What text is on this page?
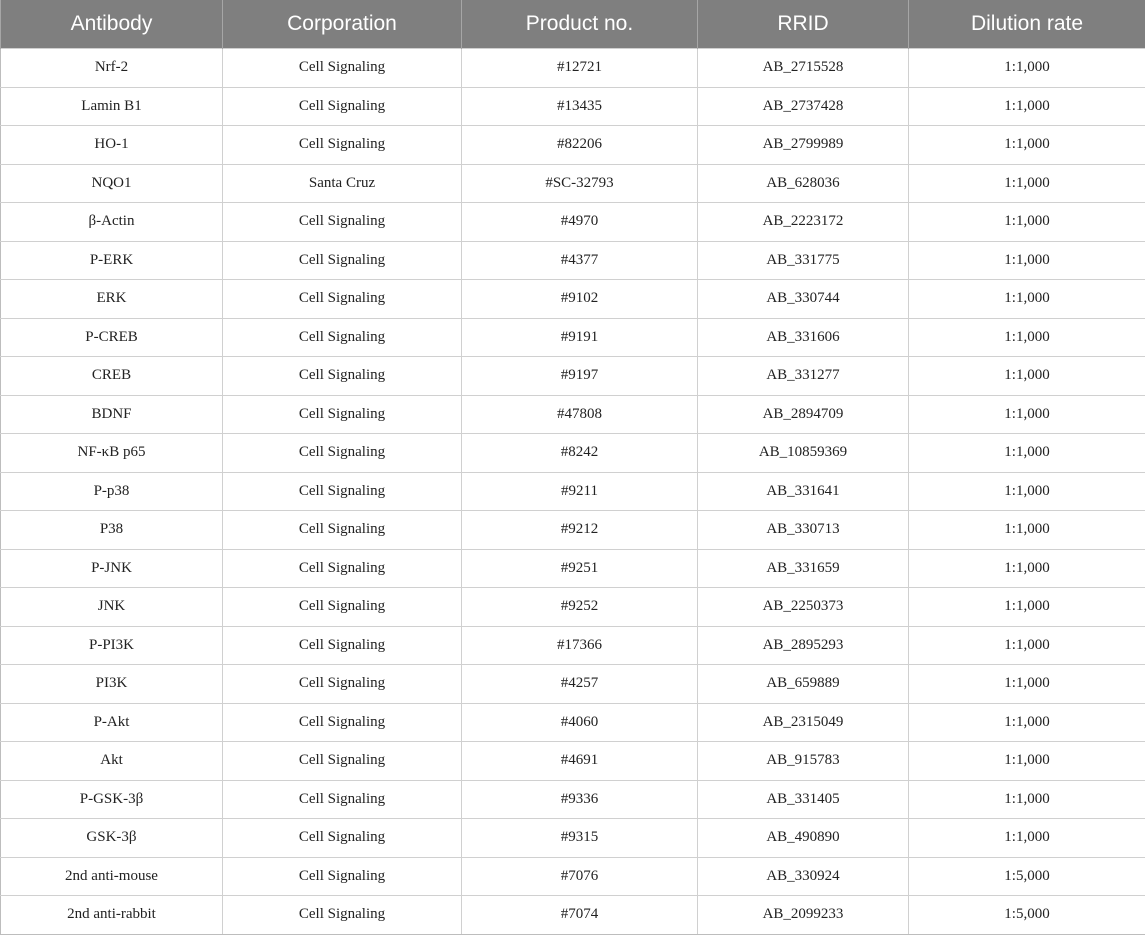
Antibody	Corporation	Product no.	RRID	Dilution rate
Nrf-2	Cell Signaling	#12721	AB_2715528	1:1,000
Lamin B1	Cell Signaling	#13435	AB_2737428	1:1,000
HO-1	Cell Signaling	#82206	AB_2799989	1:1,000
NQO1	Santa Cruz	#SC-32793	AB_628036	1:1,000
β-Actin	Cell Signaling	#4970	AB_2223172	1:1,000
P-ERK	Cell Signaling	#4377	AB_331775	1:1,000
ERK	Cell Signaling	#9102	AB_330744	1:1,000
P-CREB	Cell Signaling	#9191	AB_331606	1:1,000
CREB	Cell Signaling	#9197	AB_331277	1:1,000
BDNF	Cell Signaling	#47808	AB_2894709	1:1,000
NF-κB p65	Cell Signaling	#8242	AB_10859369	1:1,000
P-p38	Cell Signaling	#9211	AB_331641	1:1,000
P38	Cell Signaling	#9212	AB_330713	1:1,000
P-JNK	Cell Signaling	#9251	AB_331659	1:1,000
JNK	Cell Signaling	#9252	AB_2250373	1:1,000
P-PI3K	Cell Signaling	#17366	AB_2895293	1:1,000
PI3K	Cell Signaling	#4257	AB_659889	1:1,000
P-Akt	Cell Signaling	#4060	AB_2315049	1:1,000
Akt	Cell Signaling	#4691	AB_915783	1:1,000
P-GSK-3β	Cell Signaling	#9336	AB_331405	1:1,000
GSK-3β	Cell Signaling	#9315	AB_490890	1:1,000
2nd anti-mouse	Cell Signaling	#7076	AB_330924	1:5,000
2nd anti-rabbit	Cell Signaling	#7074	AB_2099233	1:5,000
